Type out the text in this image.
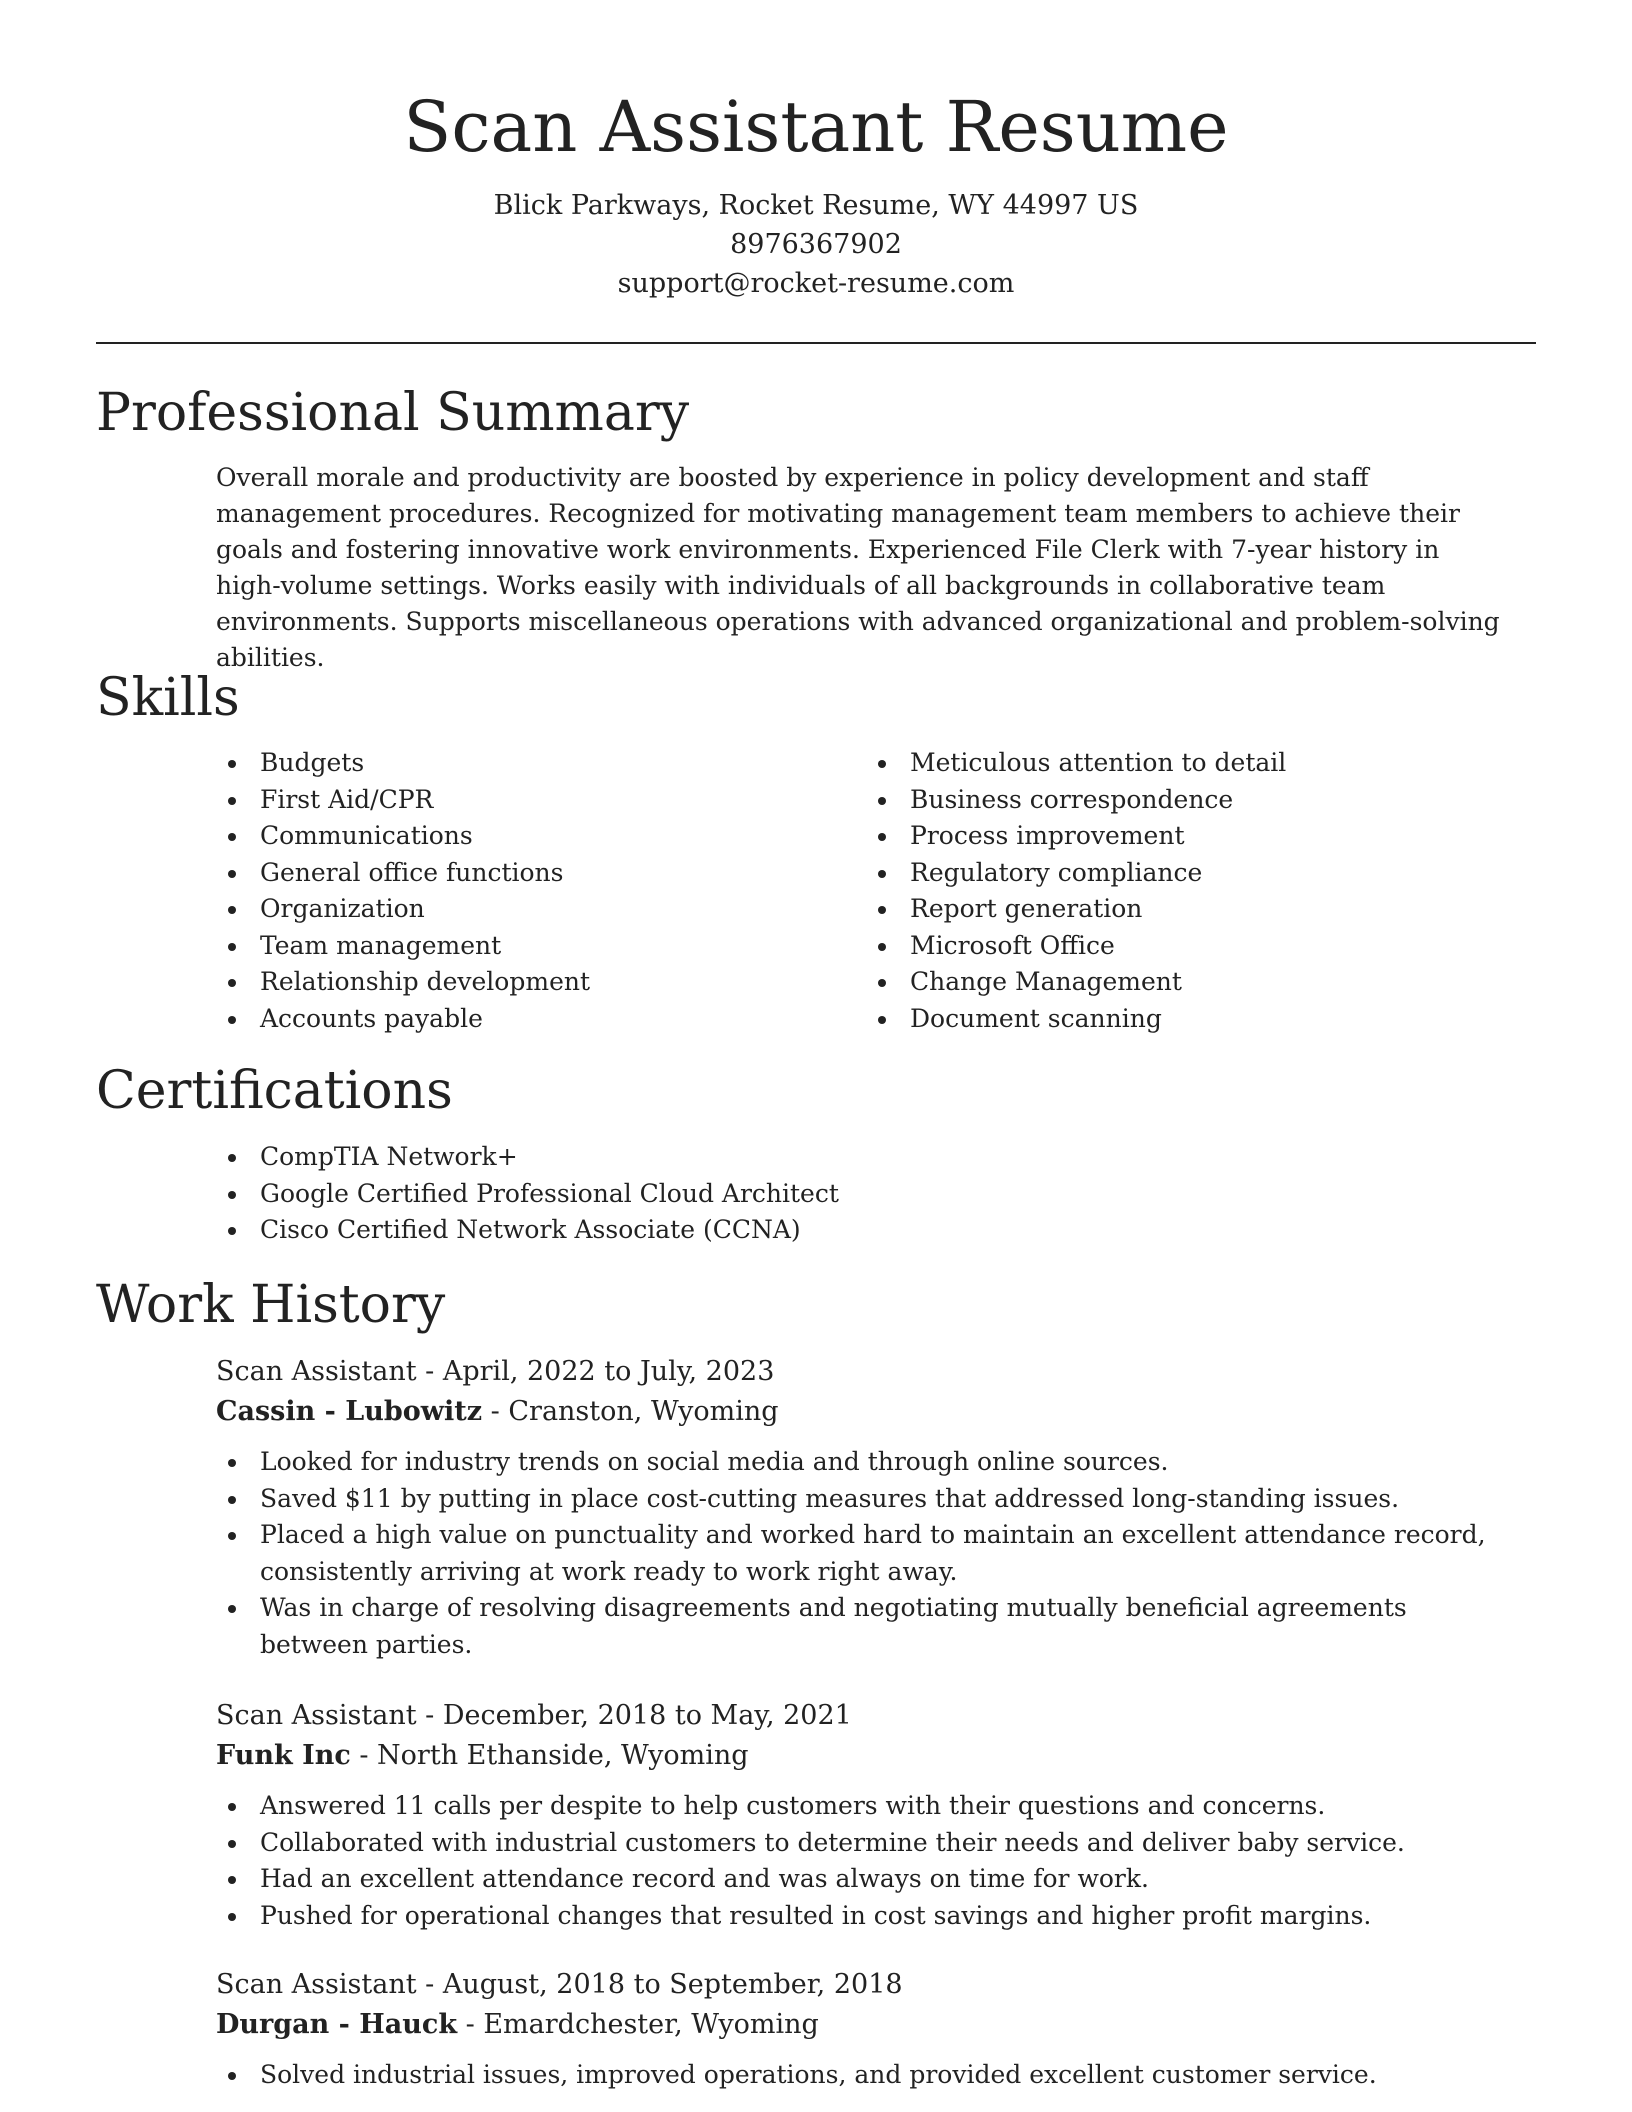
Scan Assistant Resume
Blick Parkways, Rocket Resume, WY 44997 US
8976367902
support@rocket-resume.com
Professional Summary

Overall morale and productivity are boosted by experience in policy development and staff management procedures. Recognized for motivating management team members to achieve their goals and fostering innovative work environments. Experienced File Clerk with 7-year history in high-volume settings. Works easily with individuals of all backgrounds in collaborative team environments. Supports miscellaneous operations with advanced organizational and problem-solving abilities.

Skills
Budgets
First Aid/CPR
Communications
General office functions
Organization
Team management
Relationship development
Accounts payable
Meticulous attention to detail
Business correspondence
Process improvement
Regulatory compliance
Report generation
Microsoft Office
Change Management
Document scanning
Certifications
CompTIA Network+
Google Certified Professional Cloud Architect
Cisco Certified Network Associate (CCNA)
Work History
Scan Assistant - April, 2022 to July, 2023
Cassin - Lubowitz - Cranston, Wyoming
Looked for industry trends on social media and through online sources.
Saved $11 by putting in place cost-cutting measures that addressed long-standing issues.
Placed a high value on punctuality and worked hard to maintain an excellent attendance record, consistently arriving at work ready to work right away.
Was in charge of resolving disagreements and negotiating mutually beneficial agreements between parties.
Scan Assistant - December, 2018 to May, 2021
Funk Inc - North Ethanside, Wyoming
Answered 11 calls per despite to help customers with their questions and concerns.
Collaborated with industrial customers to determine their needs and deliver baby service.
Had an excellent attendance record and was always on time for work.
Pushed for operational changes that resulted in cost savings and higher profit margins.
Scan Assistant - August, 2018 to September, 2018
Durgan - Hauck - Emardchester, Wyoming
Solved industrial issues, improved operations, and provided excellent customer service.
